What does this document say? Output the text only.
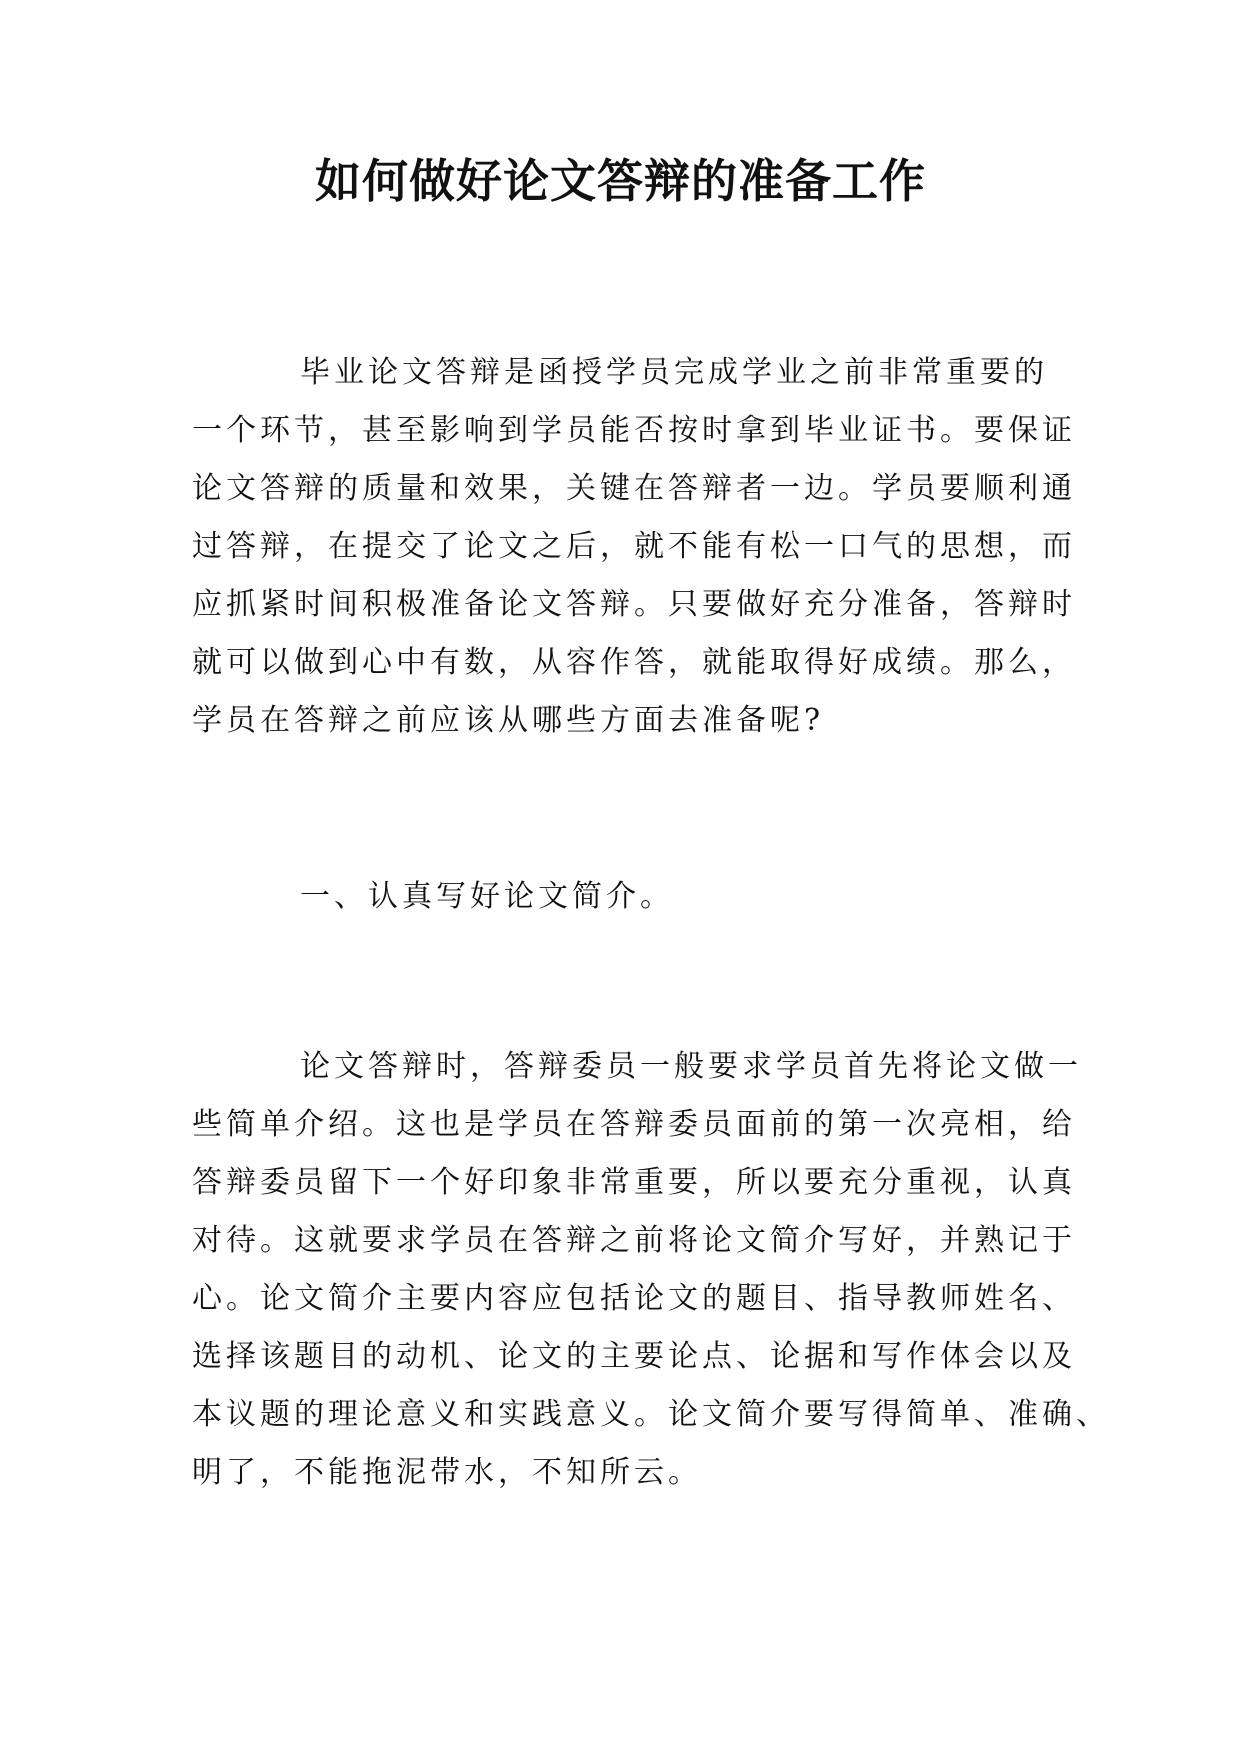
如何做好论文答辩的准备工作
毕业论文答辩是函授学员完成学业之前非常重要的
一个环节，甚至影响到学员能否按时拿到毕业证书。要保证
论文答辩的质量和效果，关键在答辩者一边。学员要顺利通
过答辩，在提交了论文之后，就不能有松一口气的思想，而
应抓紧时间积极准备论文答辩。只要做好充分准备，答辩时
就可以做到心中有数，从容作答，就能取得好成绩。那么，
学员在答辩之前应该从哪些方面去准备呢?
一、认真写好论文简介。
论文答辩时，答辩委员一般要求学员首先将论文做一
些简单介绍。这也是学员在答辩委员面前的第一次亮相，给
答辩委员留下一个好印象非常重要，所以要充分重视，认真
对待。这就要求学员在答辩之前将论文简介写好，并熟记于
心。论文简介主要内容应包括论文的题目、指导教师姓名、
选择该题目的动机、论文的主要论点、论据和写作体会以及
本议题的理论意义和实践意义。论文简介要写得简单、准确、
明了，不能拖泥带水，不知所云。
